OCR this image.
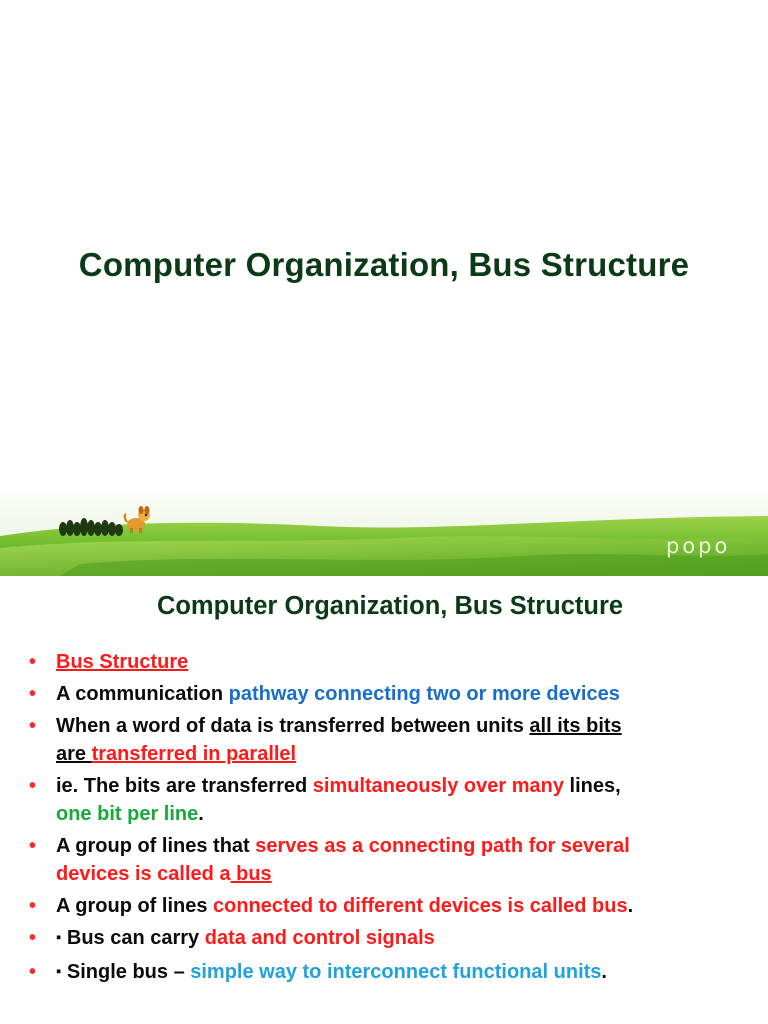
Computer Organization, Bus Structure
popo
Computer Organization, Bus Structure
• Bus Structure
• A communication pathway connecting two or more devices
• When a word of data is transferred between units all its bits
are transferred in parallel
• ie. The bits are transferred simultaneously over many lines,
one bit per line.
• A group of lines that serves as a connecting path for several
devices is called a bus
• A group of lines connected to different devices is called bus.
• ▪ Bus can carry data and control signals
• ▪ Single bus – simple way to interconnect functional units.
